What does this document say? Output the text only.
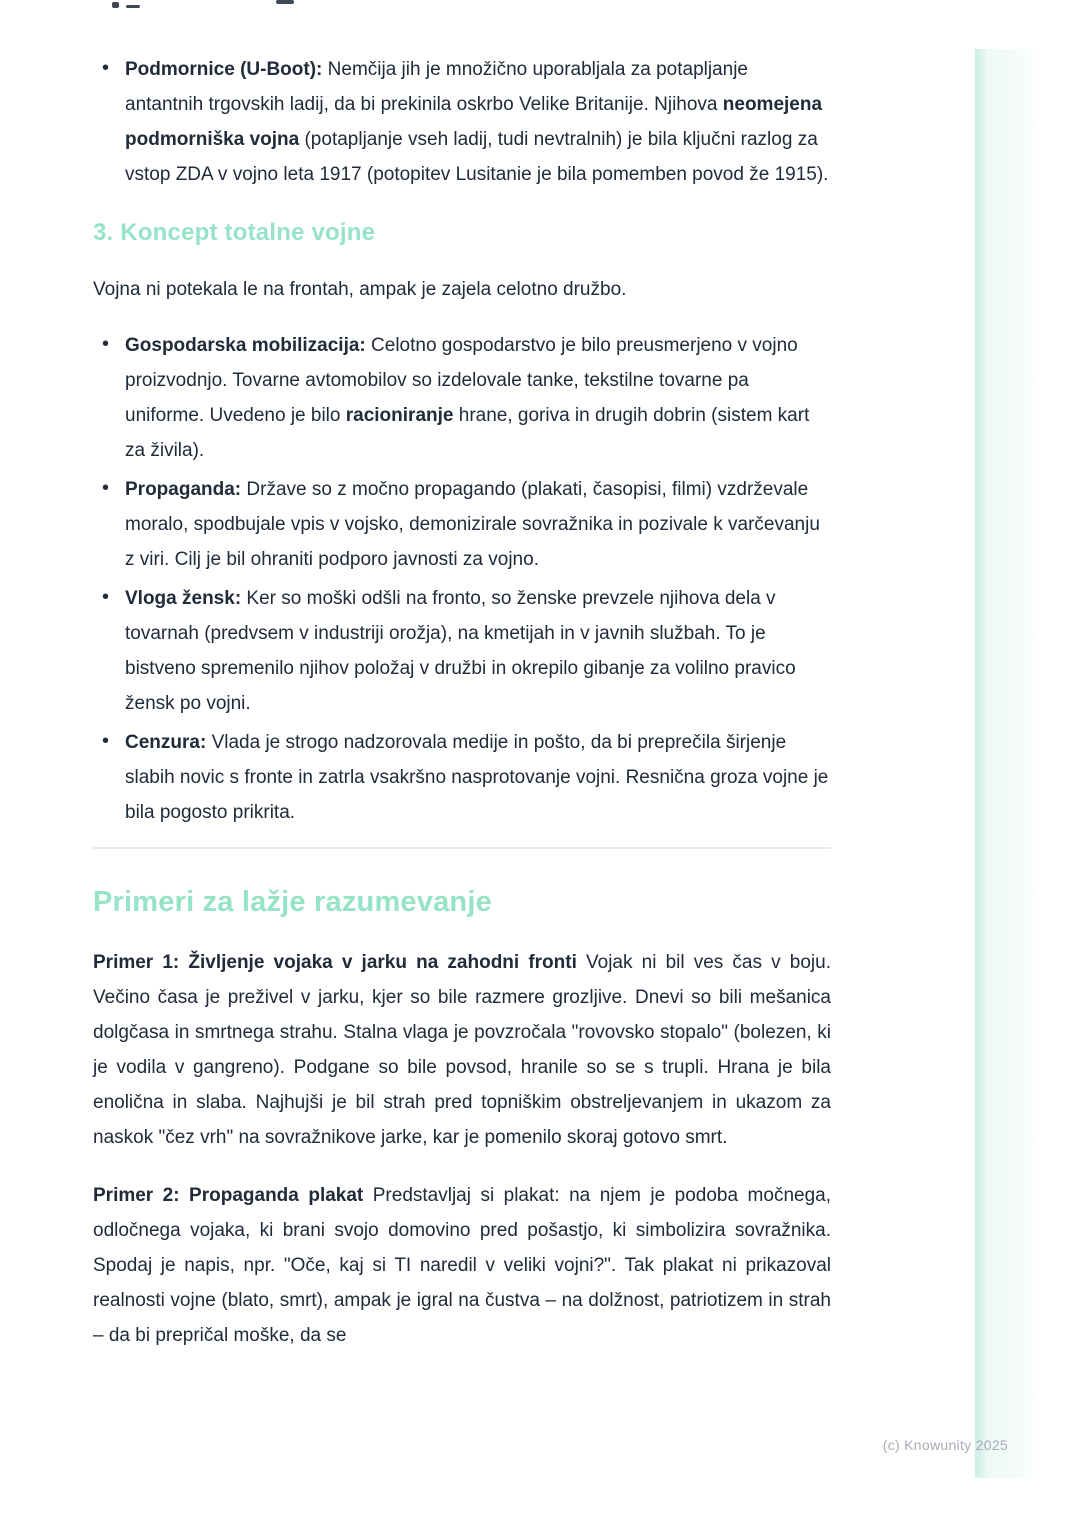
• Podmornice (U-Boot): Nemčija jih je množično uporabljala za potapljanje antantnih trgovskih ladij, da bi prekinila oskrbo Velike Britanije. Njihova neomejena podmorniška vojna (potapljanje vseh ladij, tudi nevtralnih) je bila ključni razlog za vstop ZDA v vojno leta 1917 (potopitev Lusitanie je bila pomemben povod že 1915).
3. Koncept totalne vojne

Vojna ni potekala le na frontah, ampak je zajela celotno družbo.

• Gospodarska mobilizacija: Celotno gospodarstvo je bilo preusmerjeno v vojno proizvodnjo. Tovarne avtomobilov so izdelovale tanke, tekstilne tovarne pa uniforme. Uvedeno je bilo racioniranje hrane, goriva in drugih dobrin (sistem kart za živila).
• Propaganda: Države so z močno propagando (plakati, časopisi, filmi) vzdrževale moralo, spodbujale vpis v vojsko, demonizirale sovražnika in pozivale k varčevanju z viri. Cilj je bil ohraniti podporo javnosti za vojno.
• Vloga žensk: Ker so moški odšli na fronto, so ženske prevzele njihova dela v tovarnah (predvsem v industriji orožja), na kmetijah in v javnih službah. To je bistveno spremenilo njihov položaj v družbi in okrepilo gibanje za volilno pravico žensk po vojni.
• Cenzura: Vlada je strogo nadzorovala medije in pošto, da bi preprečila širjenje slabih novic s fronte in zatrla vsakršno nasprotovanje vojni. Resnična groza vojne je bila pogosto prikrita.
Primeri za lažje razumevanje

Primer 1: Življenje vojaka v jarku na zahodni fronti Vojak ni bil ves čas v boju. Večino časa je preživel v jarku, kjer so bile razmere grozljive. Dnevi so bili mešanica dolgčasa in smrtnega strahu. Stalna vlaga je povzročala "rovovsko stopalo" (bolezen, ki je vodila v gangreno). Podgane so bile povsod, hranile so se s trupli. Hrana je bila enolična in slaba. Najhujši je bil strah pred topniškim obstreljevanjem in ukazom za naskok "čez vrh" na sovražnikove jarke, kar je pomenilo skoraj gotovo smrt.

Primer 2: Propaganda plakat Predstavljaj si plakat: na njem je podoba močnega, odločnega vojaka, ki brani svojo domovino pred pošastjo, ki simbolizira sovražnika. Spodaj je napis, npr. "Oče, kaj si TI naredil v veliki vojni?". Tak plakat ni prikazoval realnosti vojne (blato, smrt), ampak je igral na čustva – na dolžnost, patriotizem in strah – da bi prepričal moške, da se

(c) Knowunity 2025
